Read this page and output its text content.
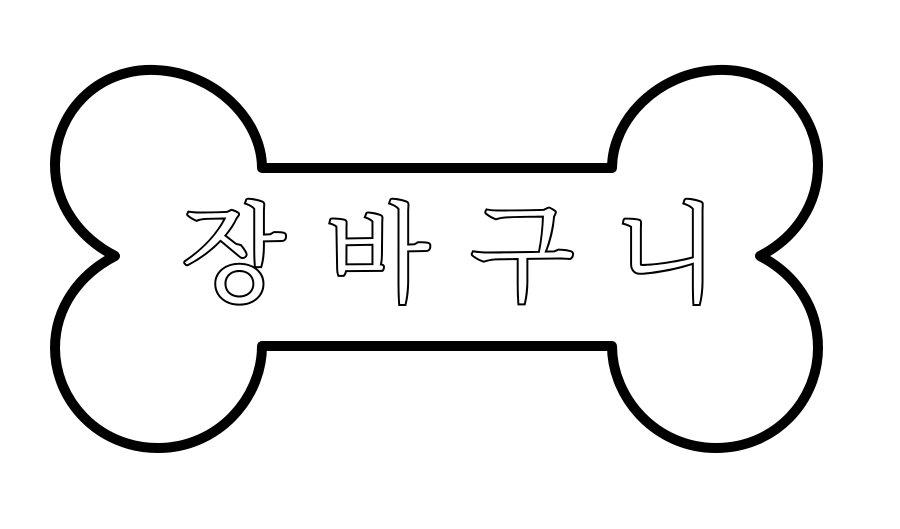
장바구니
